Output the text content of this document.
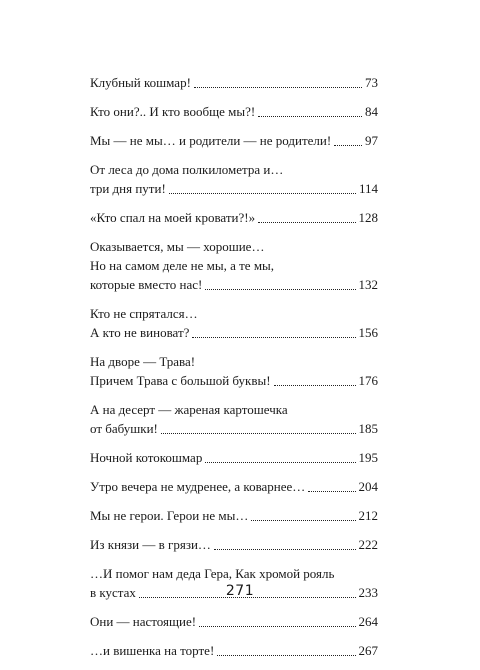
Клубный кошмар!	73
Кто они?.. И кто вообще мы?!	84
Мы — не мы… и родители — не родители!	97
От леса до дома полкилометра и…
три дня пути!	114
«Кто спал на моей кровати?!»	128
Оказывается, мы — хорошие…
Но на самом деле не мы, а те мы,
которые вместо нас!	132
Кто не спрятался…
А кто не виноват?	156
На дворе — Трава!
Причем Трава с большой буквы!	176
А на десерт — жареная картошечка
от бабушки!	185
Ночной котокошмар	195
Утро вечера не мудренее, а коварнее…	204
Мы не герои. Герои не мы…	212
Из князи — в грязи…	222
…И помог нам деда Гера, Как хромой рояль
в кустах	233
Они — настоящие!	264
…и вишенка на торте!	267
271
